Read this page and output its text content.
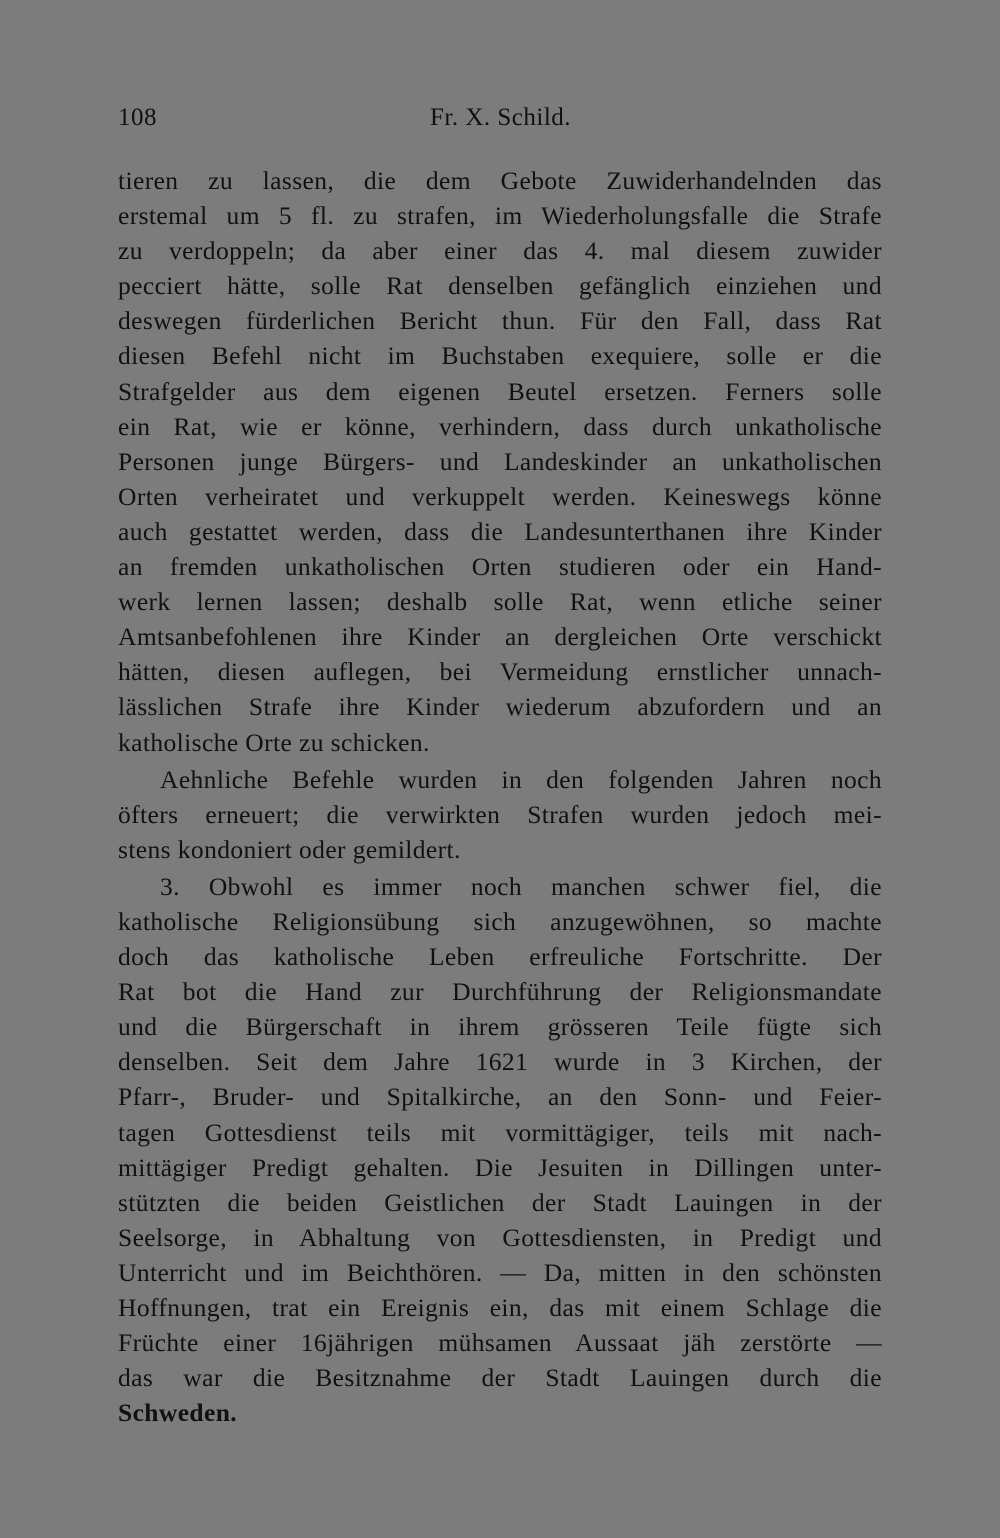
108	Fr. X. Schild.
tieren zu lassen, die dem Gebote Zuwiderhandelnden das
erstemal um 5 fl. zu strafen, im Wiederholungsfalle die Strafe
zu verdoppeln; da aber einer das 4. mal diesem zuwider
pecciert hätte, solle Rat denselben gefänglich einziehen und
deswegen fürderlichen Bericht thun. Für den Fall, dass Rat
diesen Befehl nicht im Buchstaben exequiere, solle er die
Strafgelder aus dem eigenen Beutel ersetzen. Ferners solle
ein Rat, wie er könne, verhindern, dass durch unkatholische
Personen junge Bürgers- und Landeskinder an unkatholischen
Orten verheiratet und verkuppelt werden. Keineswegs könne
auch gestattet werden, dass die Landesunterthanen ihre Kinder
an fremden unkatholischen Orten studieren oder ein Hand-
werk lernen lassen; deshalb solle Rat, wenn etliche seiner
Amtsanbefohlenen ihre Kinder an dergleichen Orte verschickt
hätten, diesen auflegen, bei Vermeidung ernstlicher unnach-
lässlichen Strafe ihre Kinder wiederum abzufordern und an
katholische Orte zu schicken.
Aehnliche Befehle wurden in den folgenden Jahren noch
öfters erneuert; die verwirkten Strafen wurden jedoch mei-
stens kondoniert oder gemildert.
3. Obwohl es immer noch manchen schwer fiel, die
katholische Religionsübung sich anzugewöhnen, so machte
doch das katholische Leben erfreuliche Fortschritte. Der
Rat bot die Hand zur Durchführung der Religionsmandate
und die Bürgerschaft in ihrem grösseren Teile fügte sich
denselben. Seit dem Jahre 1621 wurde in 3 Kirchen, der
Pfarr-, Bruder- und Spitalkirche, an den Sonn- und Feier-
tagen Gottesdienst teils mit vormittägiger, teils mit nach-
mittägiger Predigt gehalten. Die Jesuiten in Dillingen unter-
stützten die beiden Geistlichen der Stadt Lauingen in der
Seelsorge, in Abhaltung von Gottesdiensten, in Predigt und
Unterricht und im Beichthören. — Da, mitten in den schönsten
Hoffnungen, trat ein Ereignis ein, das mit einem Schlage die
Früchte einer 16jährigen mühsamen Aussaat jäh zerstörte —
das war die Besitznahme der Stadt Lauingen durch die
Schweden.
